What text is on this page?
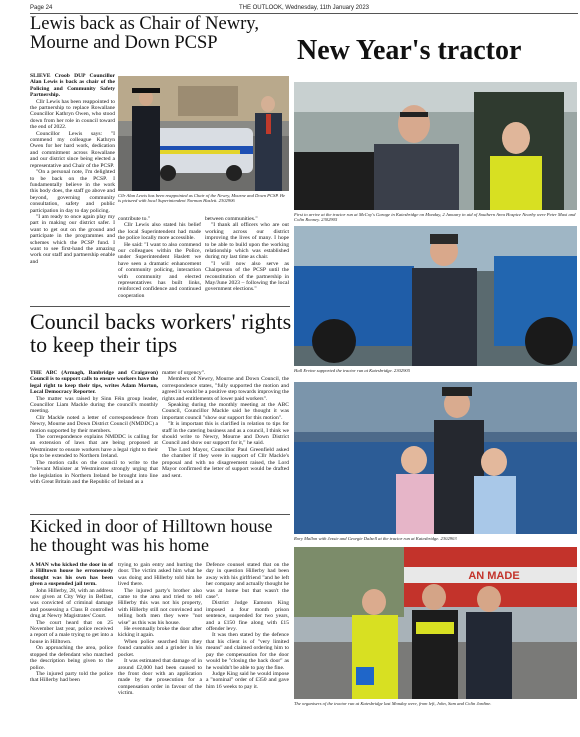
Page 24	THE OUTLOOK, Wednesday, 11th January 2023
Lewis back as Chair of Newry, Mourne and Down PCSP

SLIEVE Croob DUP Councillor Alan Lewis is back as chair of the Policing and Community Safety Partnership.

Cllr Lewis has been reappointed to the partnership to replace Rowallane Councillor Kathryn Owen, who stood down from her role in council toward the end of 2022.

Councillor Lewis says: "I commend my colleague Kathryn Owen for her hard work, dedication and commitment across Rowallane and our district since being elected a representative and Chair of the PCSP.

"On a personal note, I'm delighted to be back on the PCSP. I fundamentally believe in the work this body does, the staff go above and beyond, governing community consultation, safety and public participation in day to day policing.

"I am ready to once again play my part in making our district safer. I want to get out on the ground and participate in the programmes and schemes which the PCSP fund. I want to see first-hand the amazing work our staff and partnership enable and

Cllr Alan Lewis has been reappointed as Chair of the Newry, Mourne and Down PCSP. He is pictured with local Superintendent Norman Haslett. 2302906

contribute to."

Cllr Lewis also stated his belief the local Superintendent had made the police locally more accessible.

He said: "I want to also commend our colleagues within the Police, under Superintendent Haslett we have seen a dramatic enhancement of community policing, interaction with community and elected representatives has built links, reinforced confidence and continued cooperation

between communities."

"I thank all officers who are out working across our district improving the lives of many. I hope to be able to build upon the working relationship which was established during my last time as chair.

"I will now also serve as Chairperson of the PCSP until the reconstitution of the partnership in May/June 2023 – following the local government elections."

New Year's tractor
First to arrive at the tractor run at McCoy's Garage in Katesbridge on Monday, 2 January in aid of Southern Area Hospice Nearby were Peter Maxi and Colin Rooney. 2302905
Hall Ervine supported the tractor run at Katesbridge. 2302905
Rory Mallon with Jessie and Georgie Dalzell at the tractor run at Katesbridge. 2302903
AN MADE
The organisers of the tractor run at Katesbridge last Monday were, from left, John, Sam and Colin Jardine.
Council backs workers' rights to keep their tips

THE ABC (Armagh, Banbridge and Craigavon) Council is to support calls to ensure workers have the legal right to keep their tips, writes Adam Morton, Local Democracy Reporter.

The matter was raised by Sinn Féin group leader, Councillor Liam Mackle during the council's monthly meeting.

Cllr Mackle noted a letter of correspondence from Newry, Mourne and Down District Council (NMDDC) a motion supported by their members.

The correspondence explains NMDDC is calling for an extension of laws that are being proposed at Westminster to ensure workers have a legal right to their tips to be extended to Northern Ireland.

The motion calls on the council to write to the "relevant Minister at Westminster strongly urging that the legislation in Northern Ireland be brought into line with Great Britain and the Republic of Ireland as a

matter of urgency".

Members of Newry, Mourne and Down Council, the correspondence states, "fully supported the motion and agreed it would be a positive step towards improving the rights and entitlements of lower paid workers".

Speaking during the monthly meeting at the ABC Council, Councillor Mackle said he thought it was important council "show our support for this motion".

"It is important this is clarified in relation to tips for staff in the catering business and as a council, I think we should write to Newry, Mourne and Down District Council and show our support for it," he said.

The Lord Mayor, Councillor Paul Greenfield asked the chamber if they were in support of Cllr Mackle's proposal and with no disagreement raised, the Lord Mayor confirmed the letter of support would be drafted and sent.

Kicked in door of Hilltown house he thought was his home

A MAN who kicked the door in of a Hilltown house he erroneously thought was his own has been given a suspended jail term.

John Hillerby, 28, with an address now given at City Way in Belfast, was convicted of criminal damage and possessing a Class B controlled drug at Newry Magistrates' Court.

The court heard that on 25 November last year, police received a report of a male trying to get into a house in Hilltown.

On approaching the area, police stopped the defendant who matched the description being given to the police.

The injured party told the police that Hillerby had been

trying to gain entry and hurting the door. The victim asked him what he was doing and Hillerby told him he lived there.

The injured party's brother also came to the area and tried to tell Hillerby this was not his property, with Hillerby still not convinced and telling both men they were "not wise" as this was his house.

He eventually broke the door after kicking it again.

When police searched him they found cannabis and a grinder in his pocket.

It was estimated that damage of in around £2,000 had been caused to the front door with an application made by the prosecution for a compensation order in favour of the victim.

Defence counsel stated that on the day in question Hillerby had been away with his girlfriend "and he left her company and actually thought he was at home but that wasn't the case".

District Judge Eamonn King imposed a four month prison sentence, suspended for two years, and a £150 fine along with £15 offender levy.

It was then stated by the defence that his client is of "very limited means" and claimed ordering him to pay the compensation for the door would be "closing the back door" as he wouldn't be able to pay the fine.

Judge King said he would impose a "nominal" order of £350 and gave him 16 weeks to pay it.
